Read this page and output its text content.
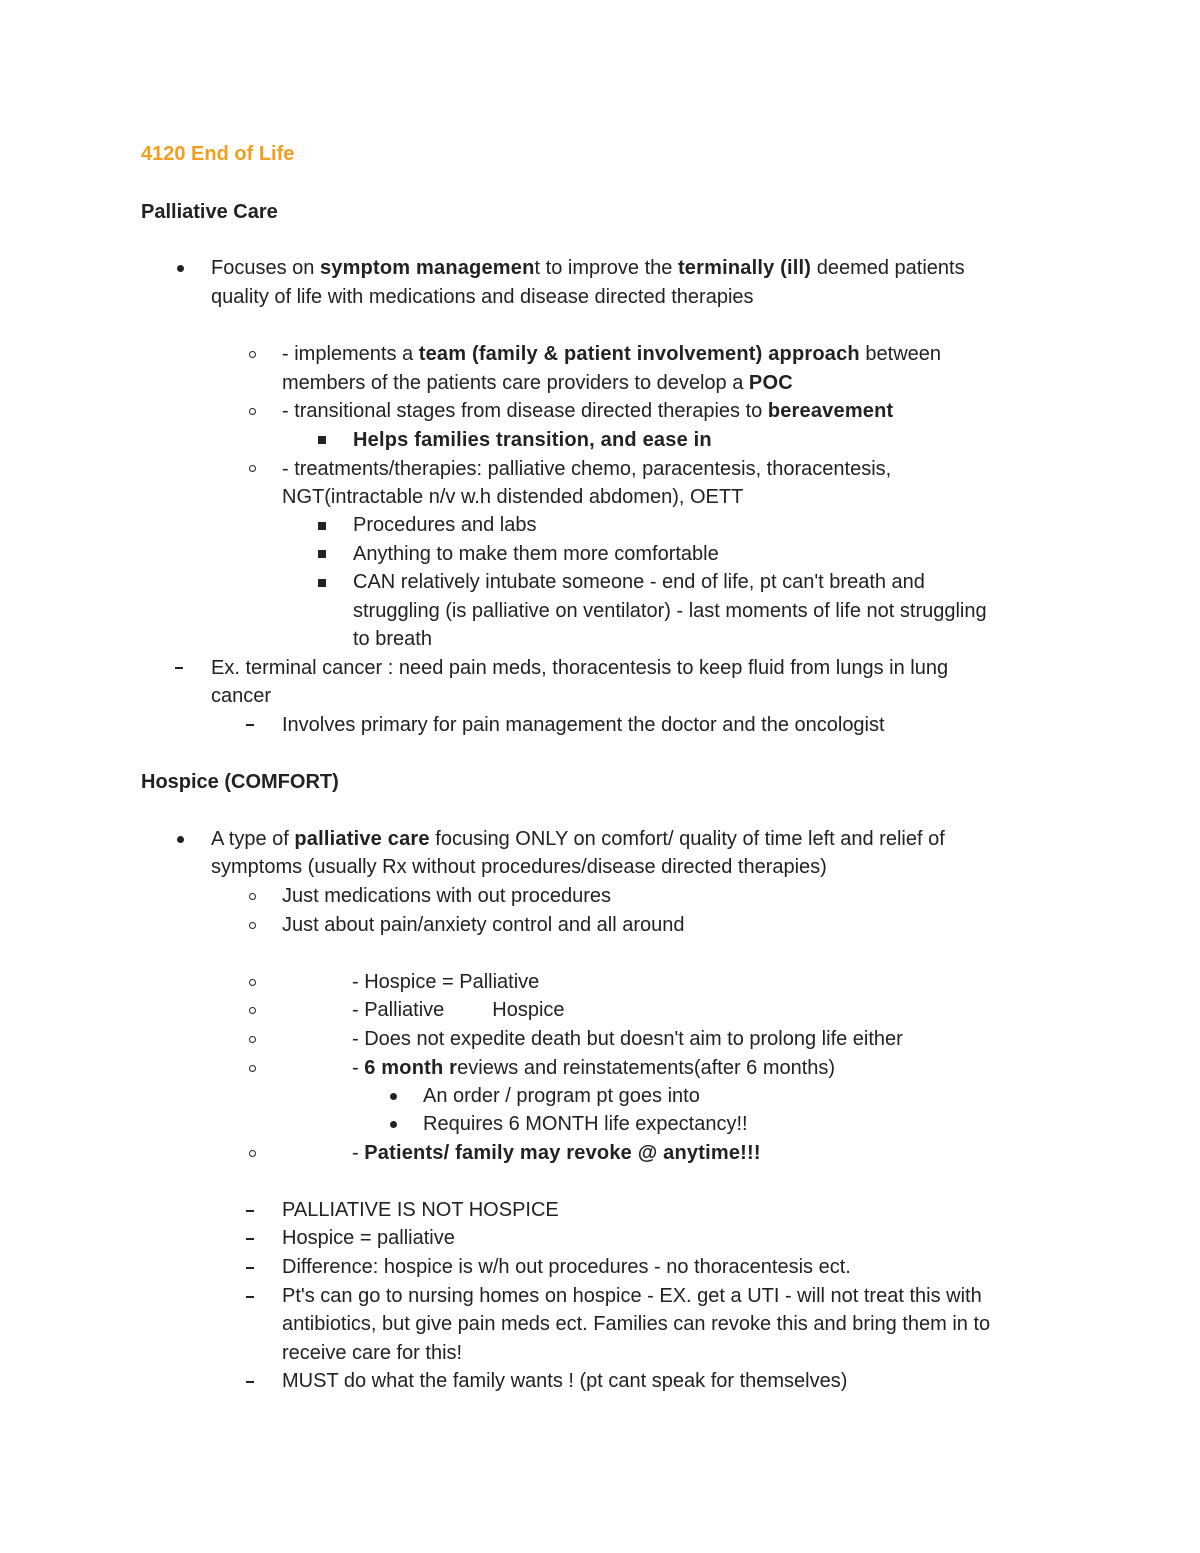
4120 End of Life
Palliative Care
Focuses on symptom management to improve the terminally (ill) deemed patients
quality of life with medications and disease directed therapies
- implements a team (family & patient involvement) approach between
members of the patients care providers to develop a POC
- transitional stages from disease directed therapies to bereavement
Helps families transition, and ease in
- treatments/therapies: palliative chemo, paracentesis, thoracentesis,
NGT(intractable n/v w.h distended abdomen), OETT
Procedures and labs
Anything to make them more comfortable
CAN relatively intubate someone - end of life, pt can't breath and
struggling (is palliative on ventilator) - last moments of life not struggling
to breath
Ex. terminal cancer : need pain meds, thoracentesis to keep fluid from lungs in lung
cancer
Involves primary for pain management the doctor and the oncologist
Hospice (COMFORT)
A type of palliative care focusing ONLY on comfort/ quality of time left and relief of
symptoms (usually Rx without procedures/disease directed therapies)
Just medications with out procedures
Just about pain/anxiety control and all around
- Hospice = Palliative
- Palliative Hospice
- Does not expedite death but doesn't aim to prolong life either
- 6 month reviews and reinstatements(after 6 months)
An order / program pt goes into
Requires 6 MONTH life expectancy!!
- Patients/ family may revoke @ anytime!!!
PALLIATIVE IS NOT HOSPICE
Hospice = palliative
Difference: hospice is w/h out procedures - no thoracentesis ect.
Pt's can go to nursing homes on hospice - EX. get a UTI - will not treat this with
antibiotics, but give pain meds ect. Families can revoke this and bring them in to
receive care for this!
MUST do what the family wants ! (pt cant speak for themselves)
